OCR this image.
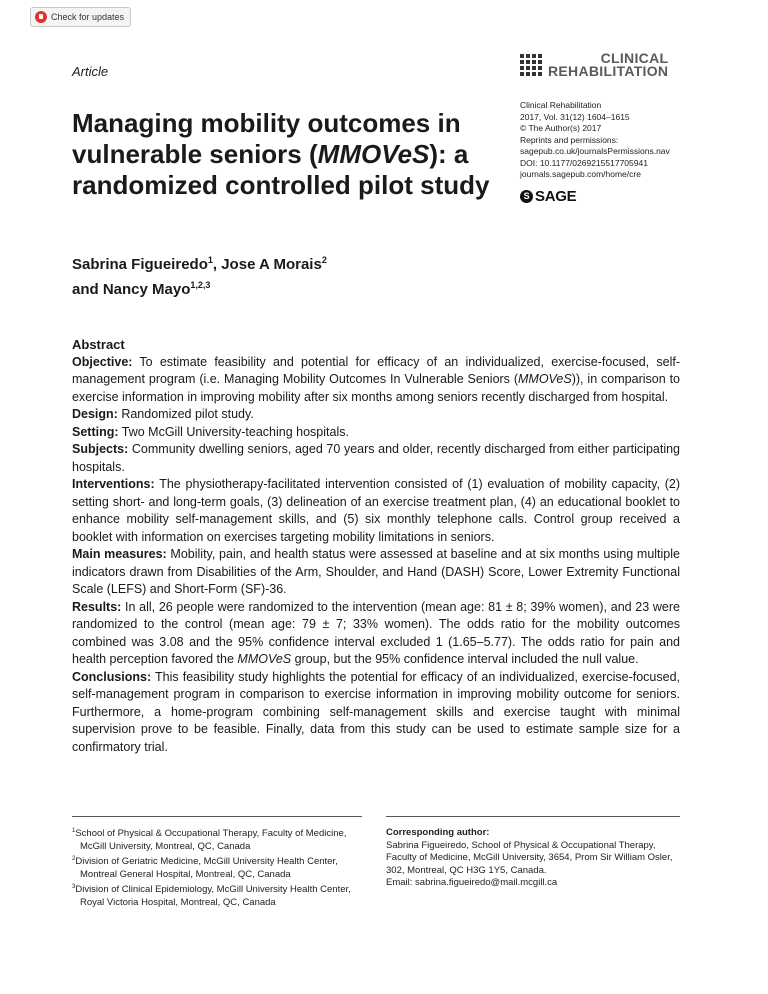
Check for updates
Article
CLINICAL
REHABILITATION
Managing mobility outcomes in vulnerable seniors (MMOVeS): a randomized controlled pilot study
Clinical Rehabilitation
2017, Vol. 31(12) 1604–1615
© The Author(s) 2017
Reprints and permissions:
sagepub.co.uk/journalsPermissions.nav
DOI: 10.1177/0269215517705941
journals.sagepub.com/home/cre
S SAGE
Sabrina Figueiredo$^1$, Jose A Morais$^2$
and Nancy Mayo$^{1,2,3}$
Abstract

Objective: To estimate feasibility and potential for efficacy of an individualized, exercise-focused, self-management program (i.e. Managing Mobility Outcomes In Vulnerable Seniors (MMOVeS)), in comparison to exercise information in improving mobility after six months among seniors recently discharged from hospital.

Design: Randomized pilot study.

Setting: Two McGill University-teaching hospitals.

Subjects: Community dwelling seniors, aged 70 years and older, recently discharged from either participating hospitals.

Interventions: The physiotherapy-facilitated intervention consisted of (1) evaluation of mobility capacity, (2) setting short- and long-term goals, (3) delineation of an exercise treatment plan, (4) an educational booklet to enhance mobility self-management skills, and (5) six monthly telephone calls. Control group received a booklet with information on exercises targeting mobility limitations in seniors.

Main measures: Mobility, pain, and health status were assessed at baseline and at six months using multiple indicators drawn from Disabilities of the Arm, Shoulder, and Hand (DASH) Score, Lower Extremity Functional Scale (LEFS) and Short-Form (SF)-36.

Results: In all, 26 people were randomized to the intervention (mean age: 81 ± 8; 39% women), and 23 were randomized to the control (mean age: 79 ± 7; 33% women). The odds ratio for the mobility outcomes combined was 3.08 and the 95% confidence interval excluded 1 (1.65–5.77). The odds ratio for pain and health perception favored the MMOVeS group, but the 95% confidence interval included the null value.

Conclusions: This feasibility study highlights the potential for efficacy of an individualized, exercise-focused, self-management program in comparison to exercise information in improving mobility outcome for seniors. Furthermore, a home-program combining self-management skills and exercise taught with minimal supervision prove to be feasible. Finally, data from this study can be used to estimate sample size for a confirmatory trial.

$^1$School of Physical & Occupational Therapy, Faculty of Medicine, McGill University, Montreal, QC, Canada
$^2$Division of Geriatric Medicine, McGill University Health Center, Montreal General Hospital, Montreal, QC, Canada
$^3$Division of Clinical Epidemiology, McGill University Health Center, Royal Victoria Hospital, Montreal, QC, Canada
Corresponding author:
Sabrina Figueiredo, School of Physical & Occupational Therapy, Faculty of Medicine, McGill University, 3654, Prom Sir William Osler, 302, Montreal, QC H3G 1Y5, Canada.
Email: sabrina.figueiredo@mail.mcgill.ca
